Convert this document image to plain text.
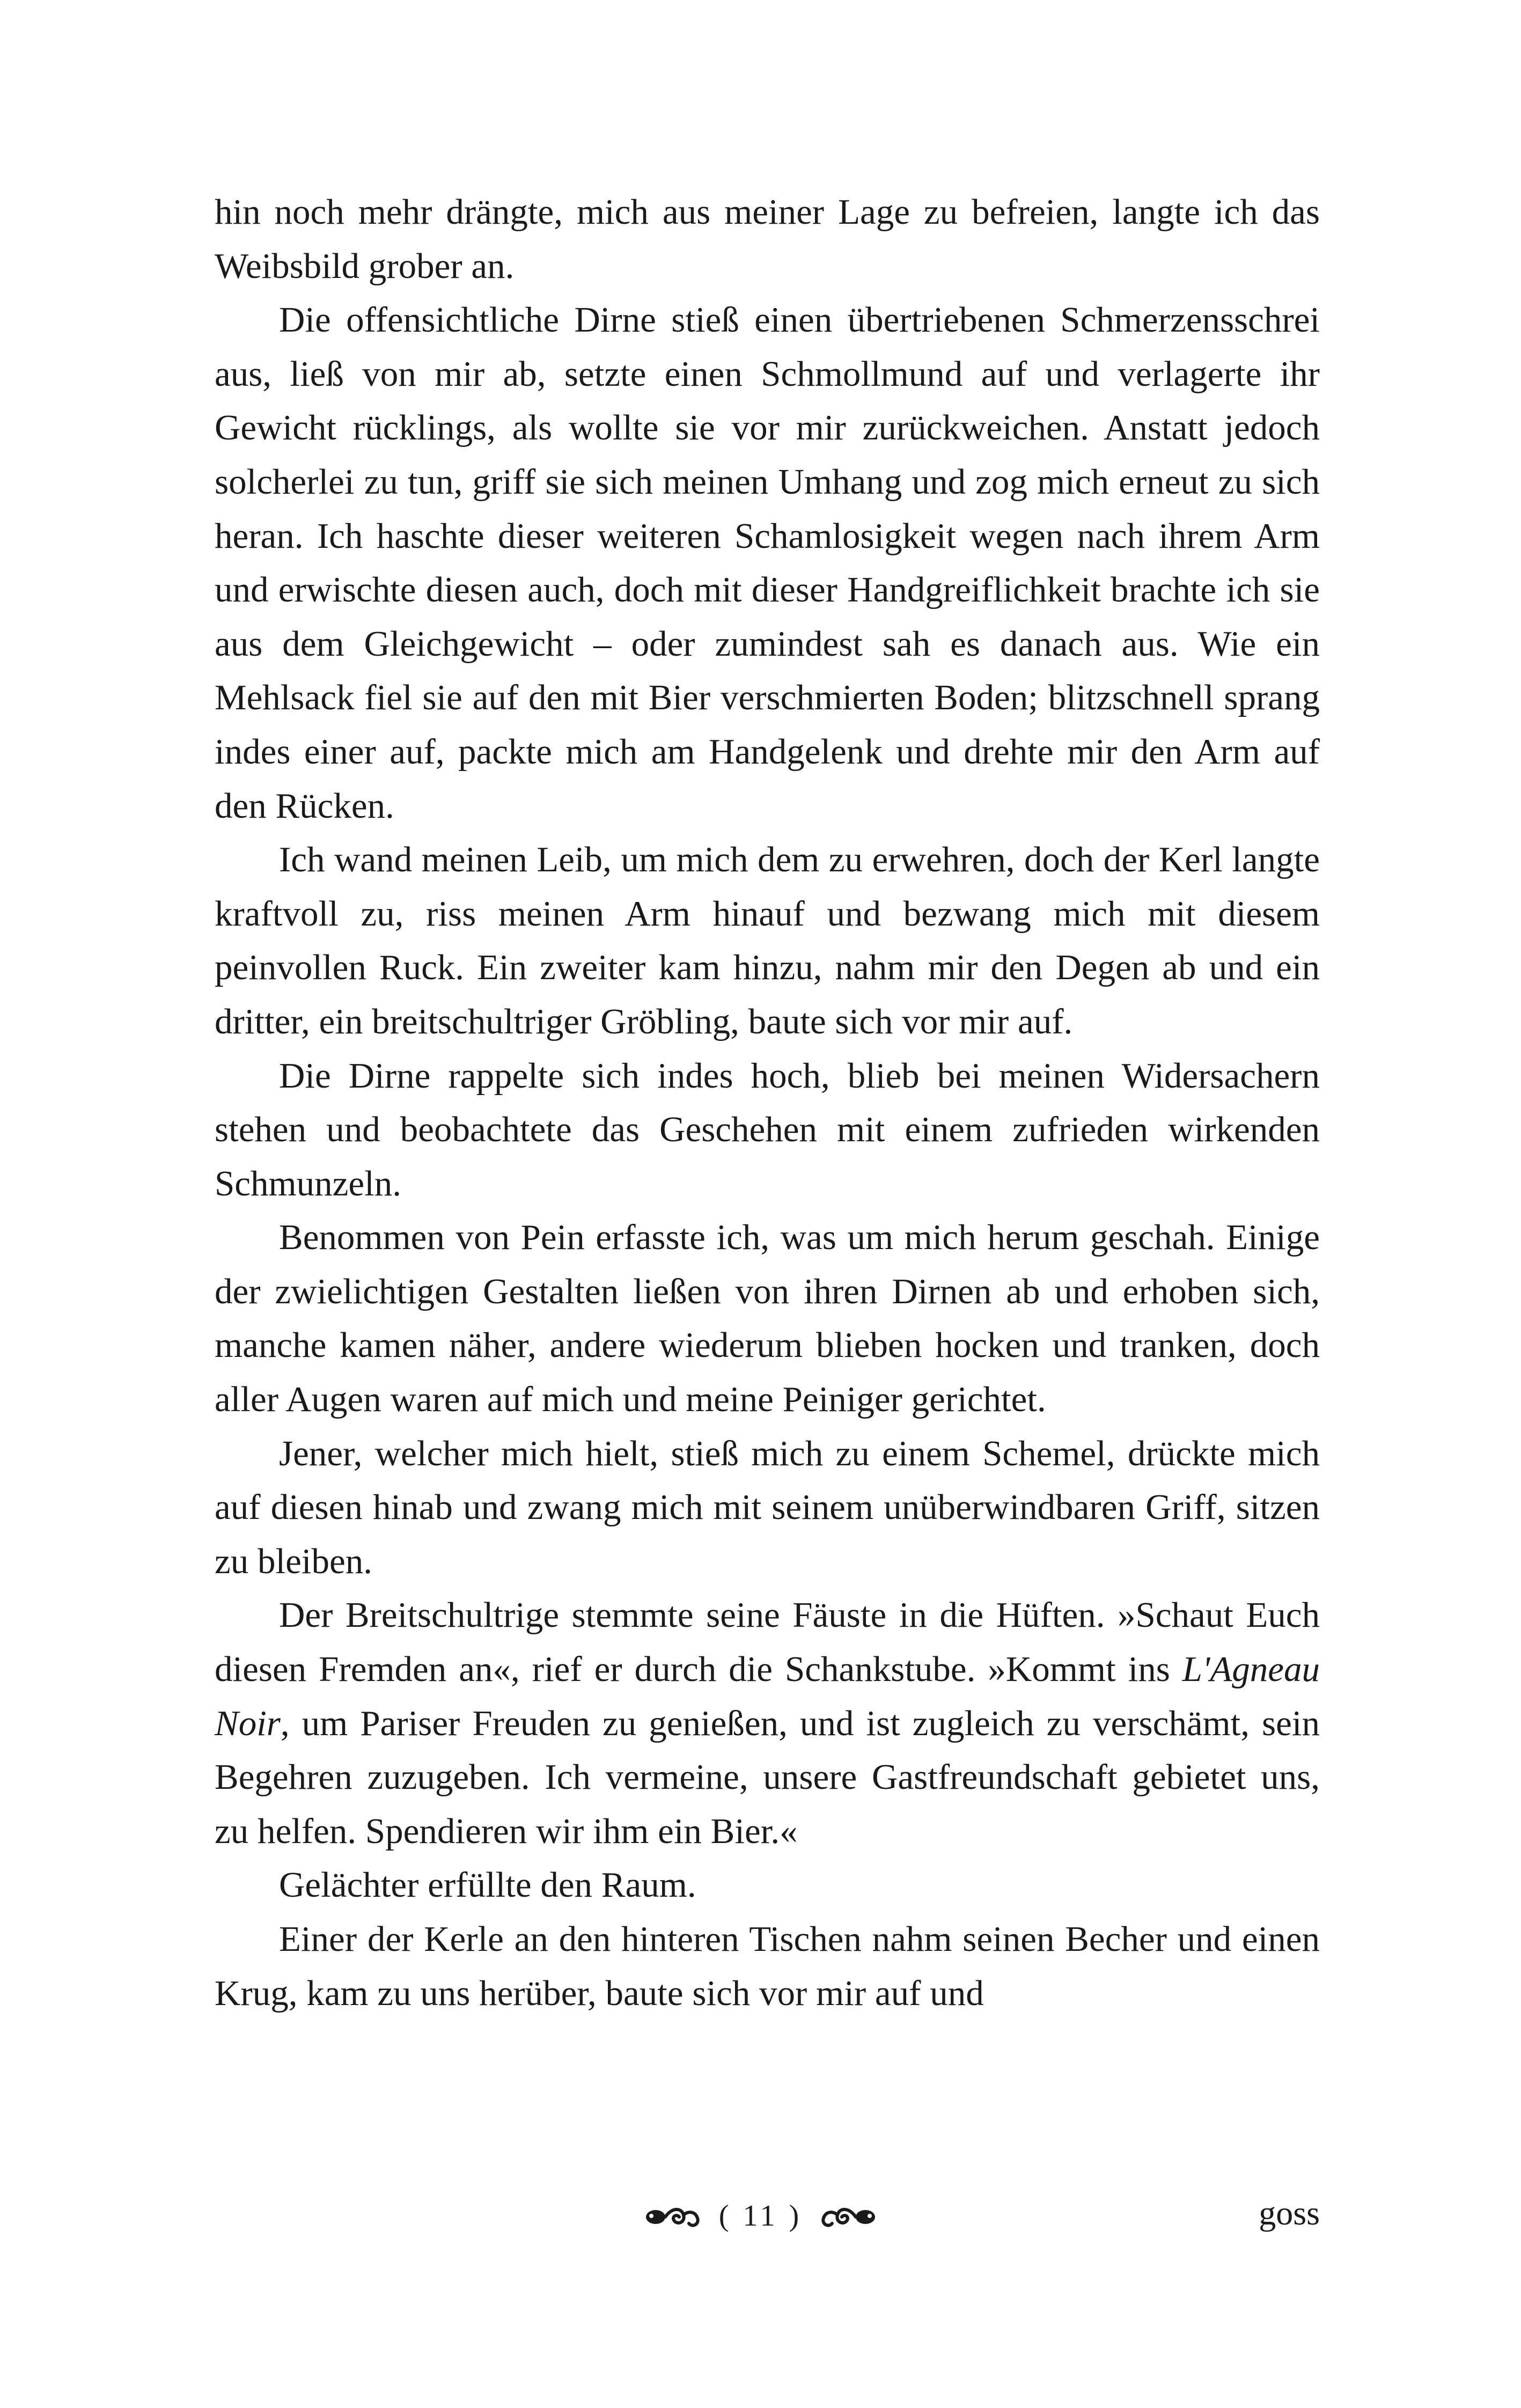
hin noch mehr drängte, mich aus meiner Lage zu befreien, langte ich das Weibsbild grober an.

Die offensichtliche Dirne stieß einen übertriebenen Schmerzensschrei aus, ließ von mir ab, setzte einen Schmollmund auf und verlagerte ihr Gewicht rücklings, als wollte sie vor mir zurückweichen. Anstatt jedoch solcherlei zu tun, griff sie sich meinen Umhang und zog mich erneut zu sich heran. Ich haschte dieser weiteren Schamlosigkeit wegen nach ihrem Arm und erwischte diesen auch, doch mit dieser Handgreiflichkeit brachte ich sie aus dem Gleichgewicht – oder zumindest sah es danach aus. Wie ein Mehlsack fiel sie auf den mit Bier verschmierten Boden; blitzschnell sprang indes einer auf, packte mich am Handgelenk und drehte mir den Arm auf den Rücken.

Ich wand meinen Leib, um mich dem zu erwehren, doch der Kerl langte kraftvoll zu, riss meinen Arm hinauf und bezwang mich mit diesem peinvollen Ruck. Ein zweiter kam hinzu, nahm mir den Degen ab und ein dritter, ein breitschultriger Gröbling, baute sich vor mir auf.

Die Dirne rappelte sich indes hoch, blieb bei meinen Widersachern stehen und beobachtete das Geschehen mit einem zufrieden wirkenden Schmunzeln.

Benommen von Pein erfasste ich, was um mich herum geschah. Einige der zwielichtigen Gestalten ließen von ihren Dirnen ab und erhoben sich, manche kamen näher, andere wiederum blieben hocken und tranken, doch aller Augen waren auf mich und meine Peiniger gerichtet.

Jener, welcher mich hielt, stieß mich zu einem Schemel, drückte mich auf diesen hinab und zwang mich mit seinem unüberwindbaren Griff, sitzen zu bleiben.

Der Breitschultrige stemmte seine Fäuste in die Hüften. »Schaut Euch diesen Fremden an«, rief er durch die Schankstube. »Kommt ins L'Agneau Noir, um Pariser Freuden zu genießen, und ist zugleich zu verschämt, sein Begehren zuzugeben. Ich vermeine, unsere Gastfreundschaft gebietet uns, zu helfen. Spendieren wir ihm ein Bier.«

Gelächter erfüllte den Raum.

Einer der Kerle an den hinteren Tischen nahm seinen Becher und einen Krug, kam zu uns herüber, baute sich vor mir auf und

( 11 )	goss
